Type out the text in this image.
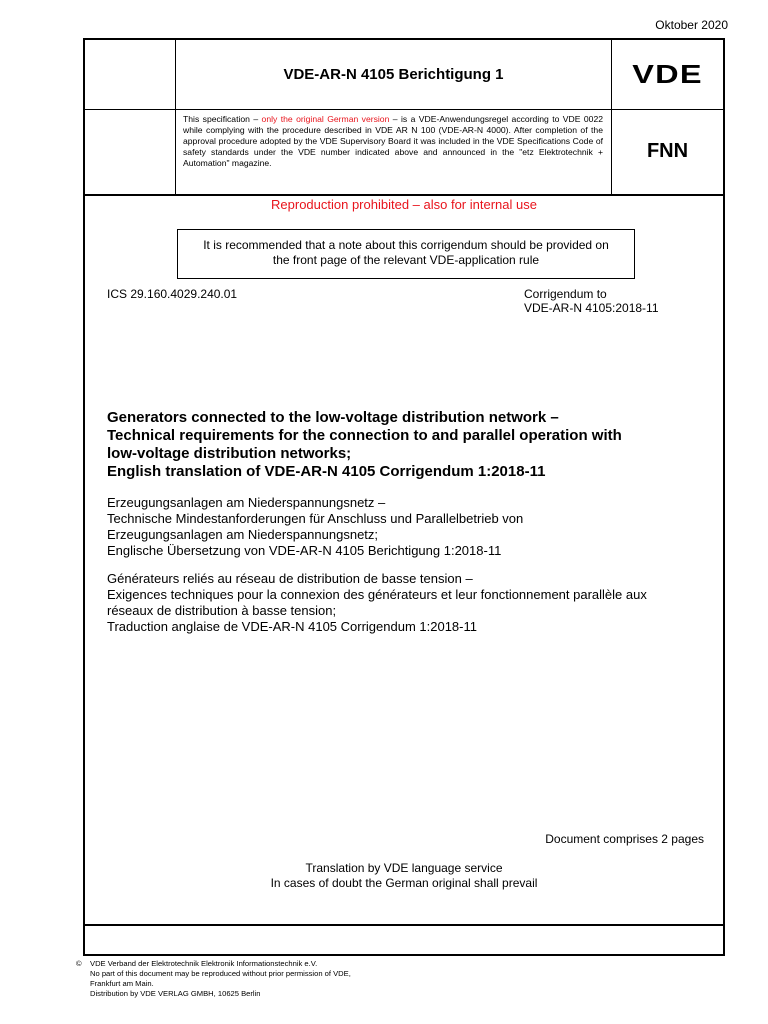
Oktober 2020
VDE-AR-N 4105 Berichtigung 1	VDE
This specification – only the original German version – is a VDE-Anwendungsregel according to VDE 0022 while complying with the procedure described in VDE AR N 100 (VDE-AR-N 4000). After completion of the approval procedure adopted by the VDE Supervisory Board it was included in the VDE Specifications Code of safety standards under the VDE number indicated above and announced in the "etz Elektrotechnik + Automation" magazine.
FNN
Reproduction prohibited – also for internal use
It is recommended that a note about this corrigendum should be provided on
the front page of the relevant VDE-application rule
ICS 29.160.4029.240.01	Corrigendum to
VDE-AR-N 4105:2018-11
Generators connected to the low-voltage distribution network –
Technical requirements for the connection to and parallel operation with
low-voltage distribution networks;
English translation of VDE-AR-N 4105 Corrigendum 1:2018-11
Erzeugungsanlagen am Niederspannungsnetz –
Technische Mindestanforderungen für Anschluss und Parallelbetrieb von
Erzeugungsanlagen am Niederspannungsnetz;
Englische Übersetzung von VDE-AR-N 4105 Berichtigung 1:2018-11
Générateurs reliés au réseau de distribution de basse tension –
Exigences techniques pour la connexion des générateurs et leur fonctionnement parallèle aux
réseaux de distribution à basse tension;
Traduction anglaise de VDE-AR-N 4105 Corrigendum 1:2018-11
Document comprises 2 pages
Translation by VDE language service
In cases of doubt the German original shall prevail
© VDE Verband der Elektrotechnik Elektronik Informationstechnik e.V.
No part of this document may be reproduced without prior permission of VDE,
Frankfurt am Main.
Distribution by VDE VERLAG GMBH, 10625 Berlin
